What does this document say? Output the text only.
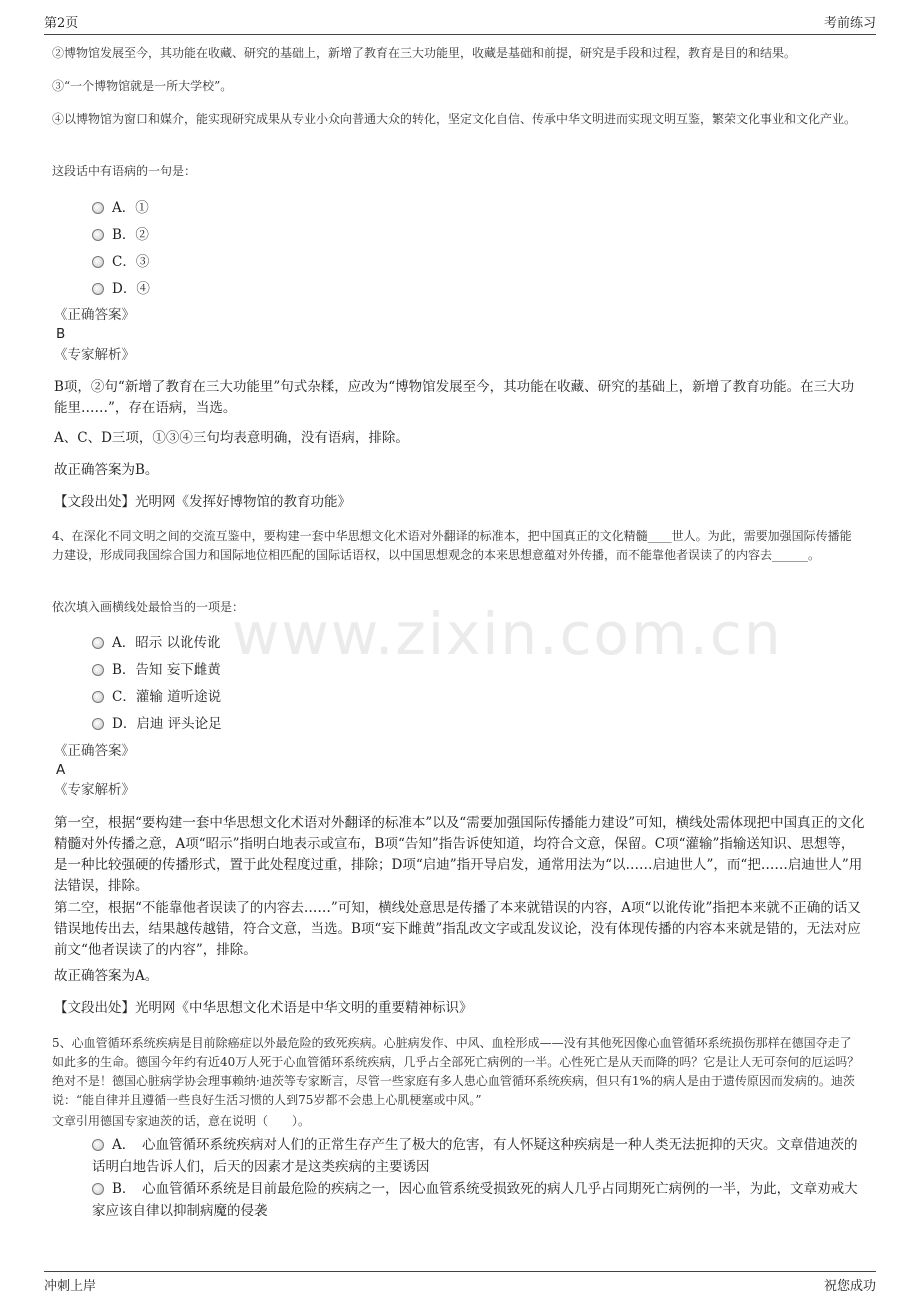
第2页	考前练习
www.zixin.com.cn
②博物馆发展至今，其功能在收藏、研究的基础上，新增了教育在三大功能里，收藏是基础和前提，研究是手段和过程，教育是目的和结果。
③“一个博物馆就是一所大学校”。
④以博物馆为窗口和媒介，能实现研究成果从专业小众向普通大众的转化，坚定文化自信、传承中华文明进而实现文明互鉴，繁荣文化事业和文化产业。
这段话中有语病的一句是：
A．①
B．②
C．③
D．④
《正确答案》
B
《专家解析》
B项，②句“新增了教育在三大功能里”句式杂糅，应改为“博物馆发展至今，其功能在收藏、研究的基础上，新增了教育功能。在三大功能里……”，存在语病，当选。
A、C、D三项，①③④三句均表意明确，没有语病，排除。
故正确答案为B。
【文段出处】光明网《发挥好博物馆的教育功能》
4、在深化不同文明之间的交流互鉴中，要构建一套中华思想文化术语对外翻译的标准本，把中国真正的文化精髓____世人。为此，需要加强国际传播能力建设，形成同我国综合国力和国际地位相匹配的国际话语权，以中国思想观念的本来思想意蕴对外传播，而不能靠他者误读了的内容去______。
依次填入画横线处最恰当的一项是：
A．昭示 以讹传讹
B．告知 妄下雌黄
C．灌输 道听途说
D．启迪 评头论足
《正确答案》
A
《专家解析》
第一空，根据“要构建一套中华思想文化术语对外翻译的标准本”以及“需要加强国际传播能力建设”可知，横线处需体现把中国真正的文化精髓对外传播之意，A项“昭示”指明白地表示或宣布，B项“告知”指告诉使知道，均符合文意，保留。C项“灌输”指输送知识、思想等，是一种比较强硬的传播形式，置于此处程度过重，排除；D项“启迪”指开导启发，通常用法为“以……启迪世人”，而“把……启迪世人”用法错误，排除。
第二空，根据“不能靠他者误读了的内容去……”可知，横线处意思是传播了本来就错误的内容，A项“以讹传讹”指把本来就不正确的话又错误地传出去，结果越传越错，符合文意，当选。B项“妄下雌黄”指乱改文字或乱发议论，没有体现传播的内容本来就是错的，无法对应前文“他者误读了的内容”，排除。
故正确答案为A。
【文段出处】光明网《中华思想文化术语是中华文明的重要精神标识》
5、心血管循环系统疾病是目前除癌症以外最危险的致死疾病。心脏病发作、中风、血栓形成——没有其他死因像心血管循环系统损伤那样在德国夺走了如此多的生命。德国今年约有近40万人死于心血管循环系统疾病，几乎占全部死亡病例的一半。心性死亡是从天而降的吗？它是让人无可奈何的厄运吗？绝对不是！德国心脏病学协会理事赖纳·迪茨等专家断言，尽管一些家庭有多人患心血管循环系统疾病，但只有1%的病人是由于遗传原因而发病的。迪茨说：“能自律并且遵循一些良好生活习惯的人到75岁都不会患上心肌梗塞或中风。”
文章引用德国专家迪茨的话，意在说明（　　）。
A．　心血管循环系统疾病对人们的正常生存产生了极大的危害，有人怀疑这种疾病是一种人类无法扼抑的天灾。文章借迪茨的话明白地告诉人们，后天的因素才是这类疾病的主要诱因
B．　心血管循环系统是目前最危险的疾病之一，因心血管系统受损致死的病人几乎占同期死亡病例的一半，为此，文章劝戒大家应该自律以抑制病魔的侵袭
冲刺上岸	祝您成功
